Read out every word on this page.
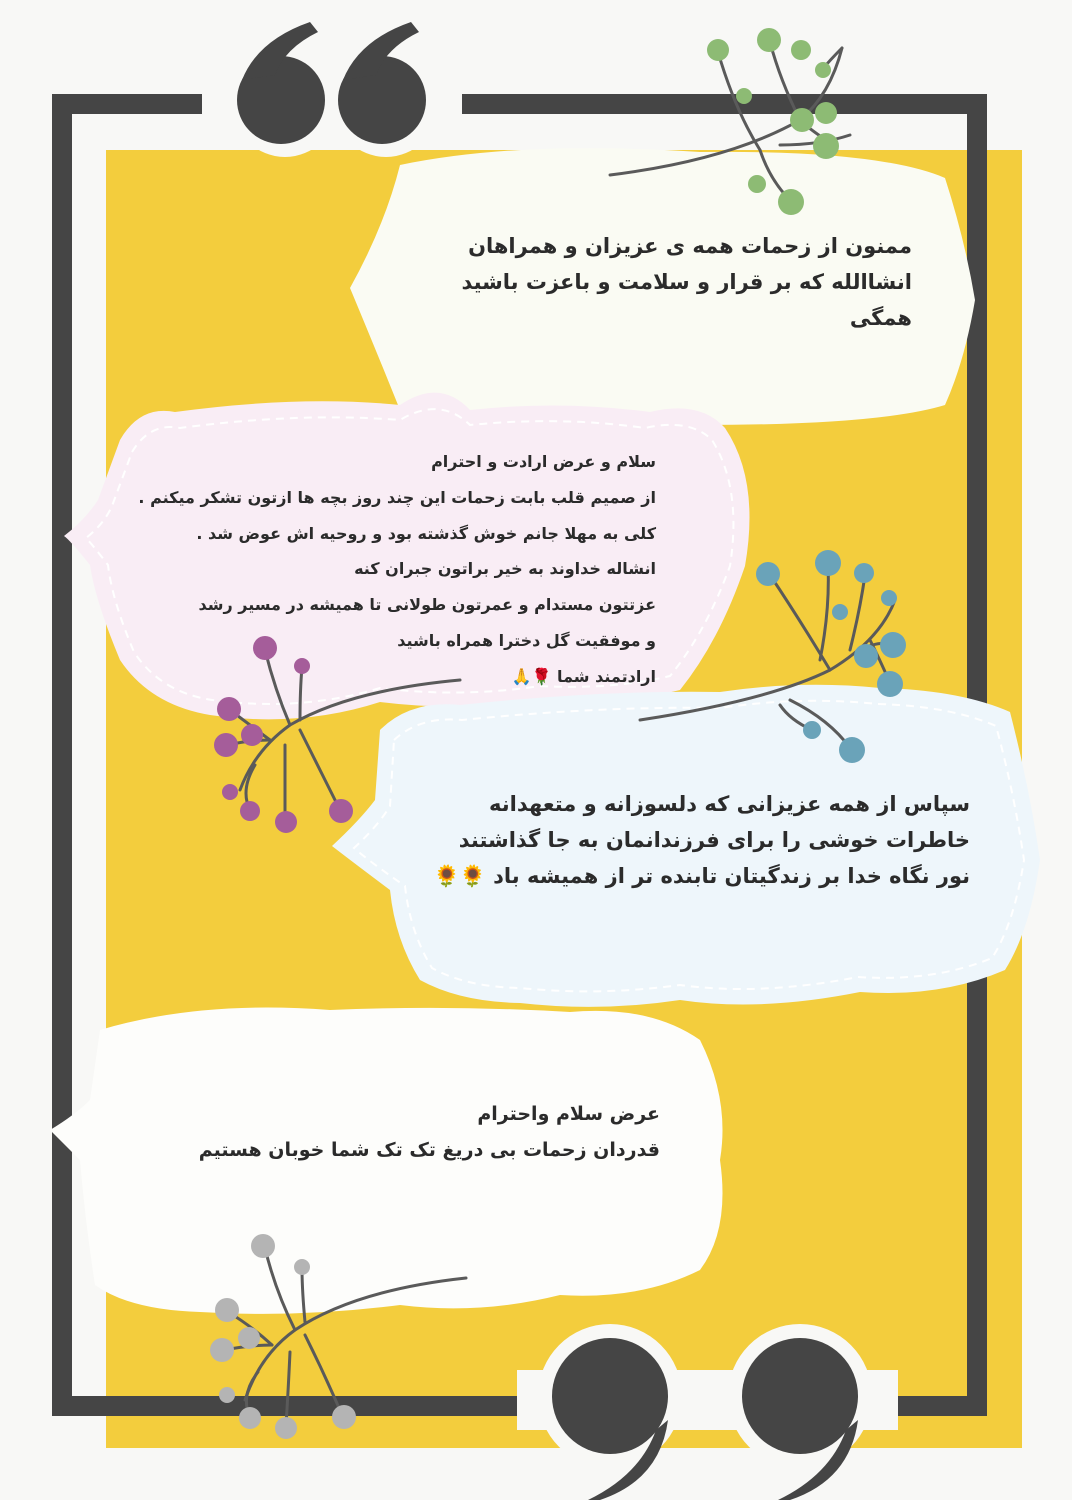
ممنون از زحمات همه ی عزیزان و همراهان
انشاالله که بر قرار و سلامت و باعزت باشید
همگی
سلام و عرض ارادت و احترام
از صمیم قلب بابت زحمات این چند روز بچه ها ازتون تشکر میکنم .
کلی به مهلا جانم خوش گذشته بود و روحیه اش عوض شد .
انشاله خداوند به خیر براتون جبران کنه
عزتتون مستدام و عمرتون طولانی تا همیشه در مسیر رشد
و موفقیت گل دخترا همراه باشید
ارادتمند شما 🌹🙏
سپاس از همه عزیزانی که دلسوزانه و متعهدانه
خاطرات خوشی را برای فرزندانمان به جا گذاشتند
نور نگاه خدا بر زندگیتان تابنده تر از همیشه باد 🌻🌻
عرض سلام واحترام
قدردان زحمات بی دریغ تک تک شما خوبان هستیم
